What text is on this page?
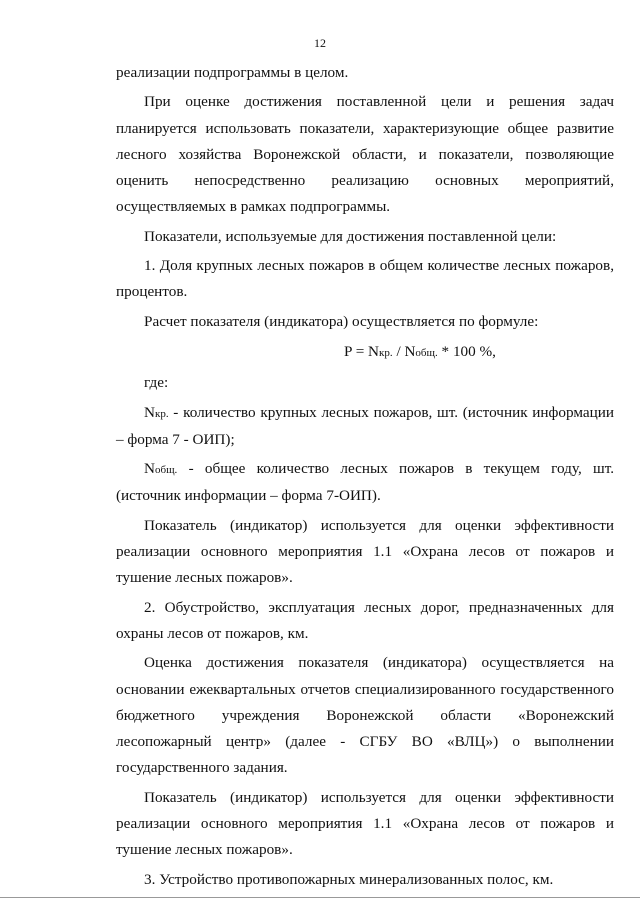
12

реализации подпрограммы в целом.

При оценке достижения поставленной цели и решения задач планируется использовать показатели, характеризующие общее развитие лесного хозяйства Воронежской области, и показатели, позволяющие оценить непосредственно реализацию основных мероприятий, осуществляемых в рамках подпрограммы.

Показатели, используемые для достижения поставленной цели:

1. Доля крупных лесных пожаров в общем количестве лесных пожаров, процентов.

Расчет показателя (индикатора) осуществляется по формуле:

P = Nкр. / Nобщ. * 100 %,

где:

Nкр. - количество крупных лесных пожаров, шт. (источник информации – форма 7 - ОИП);

Nобщ. - общее количество лесных пожаров в текущем году, шт. (источник информации – форма 7-ОИП).

Показатель (индикатор) используется для оценки эффективности реализации основного мероприятия 1.1 «Охрана лесов от пожаров и тушение лесных пожаров».

2. Обустройство, эксплуатация лесных дорог, предназначенных для охраны лесов от пожаров, км.

Оценка достижения показателя (индикатора) осуществляется на основании ежеквартальных отчетов специализированного государственного бюджетного учреждения Воронежской области «Воронежский лесопожарный центр» (далее - СГБУ ВО «ВЛЦ») о выполнении государственного задания.

Показатель (индикатор) используется для оценки эффективности реализации основного мероприятия 1.1 «Охрана лесов от пожаров и тушение лесных пожаров».

3. Устройство противопожарных минерализованных полос, км.
